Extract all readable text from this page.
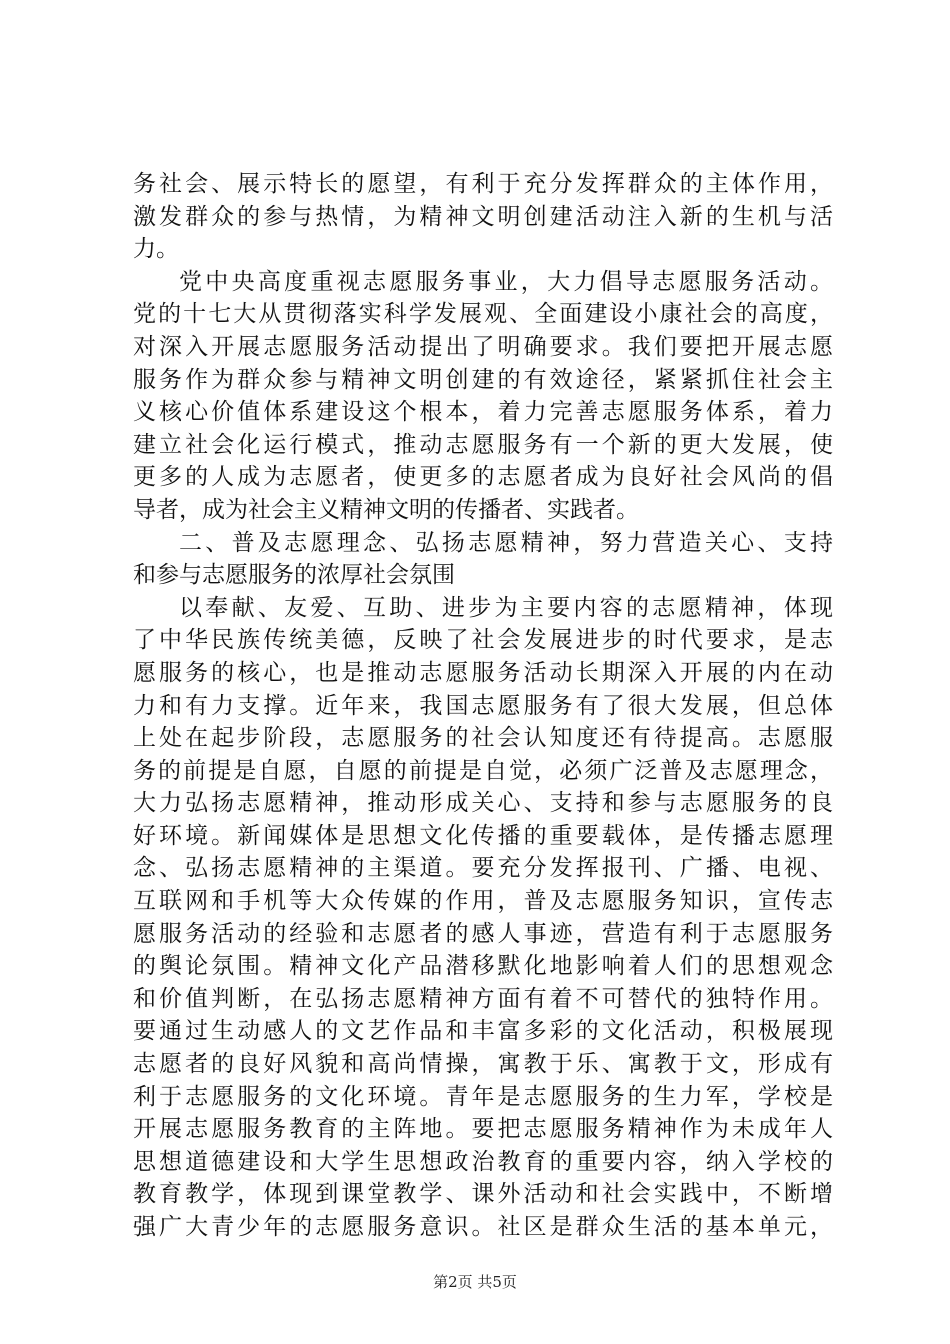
务社会、展示特长的愿望，有利于充分发挥群众的主体作用，
激发群众的参与热情，为精神文明创建活动注入新的生机与活
力。
党中央高度重视志愿服务事业，大力倡导志愿服务活动。
党的十七大从贯彻落实科学发展观、全面建设小康社会的高度，
对深入开展志愿服务活动提出了明确要求。我们要把开展志愿
服务作为群众参与精神文明创建的有效途径，紧紧抓住社会主
义核心价值体系建设这个根本，着力完善志愿服务体系，着力
建立社会化运行模式，推动志愿服务有一个新的更大发展，使
更多的人成为志愿者，使更多的志愿者成为良好社会风尚的倡
导者，成为社会主义精神文明的传播者、实践者。
二、普及志愿理念、弘扬志愿精神，努力营造关心、支持
和参与志愿服务的浓厚社会氛围
以奉献、友爱、互助、进步为主要内容的志愿精神，体现
了中华民族传统美德，反映了社会发展进步的时代要求，是志
愿服务的核心，也是推动志愿服务活动长期深入开展的内在动
力和有力支撑。近年来，我国志愿服务有了很大发展，但总体
上处在起步阶段，志愿服务的社会认知度还有待提高。志愿服
务的前提是自愿，自愿的前提是自觉，必须广泛普及志愿理念，
大力弘扬志愿精神，推动形成关心、支持和参与志愿服务的良
好环境。新闻媒体是思想文化传播的重要载体，是传播志愿理
念、弘扬志愿精神的主渠道。要充分发挥报刊、广播、电视、
互联网和手机等大众传媒的作用，普及志愿服务知识，宣传志
愿服务活动的经验和志愿者的感人事迹，营造有利于志愿服务
的舆论氛围。精神文化产品潜移默化地影响着人们的思想观念
和价值判断，在弘扬志愿精神方面有着不可替代的独特作用。
要通过生动感人的文艺作品和丰富多彩的文化活动，积极展现
志愿者的良好风貌和高尚情操，寓教于乐、寓教于文，形成有
利于志愿服务的文化环境。青年是志愿服务的生力军，学校是
开展志愿服务教育的主阵地。要把志愿服务精神作为未成年人
思想道德建设和大学生思想政治教育的重要内容，纳入学校的
教育教学，体现到课堂教学、课外活动和社会实践中，不断增
强广大青少年的志愿服务意识。社区是群众生活的基本单元，
第2页 共5页
